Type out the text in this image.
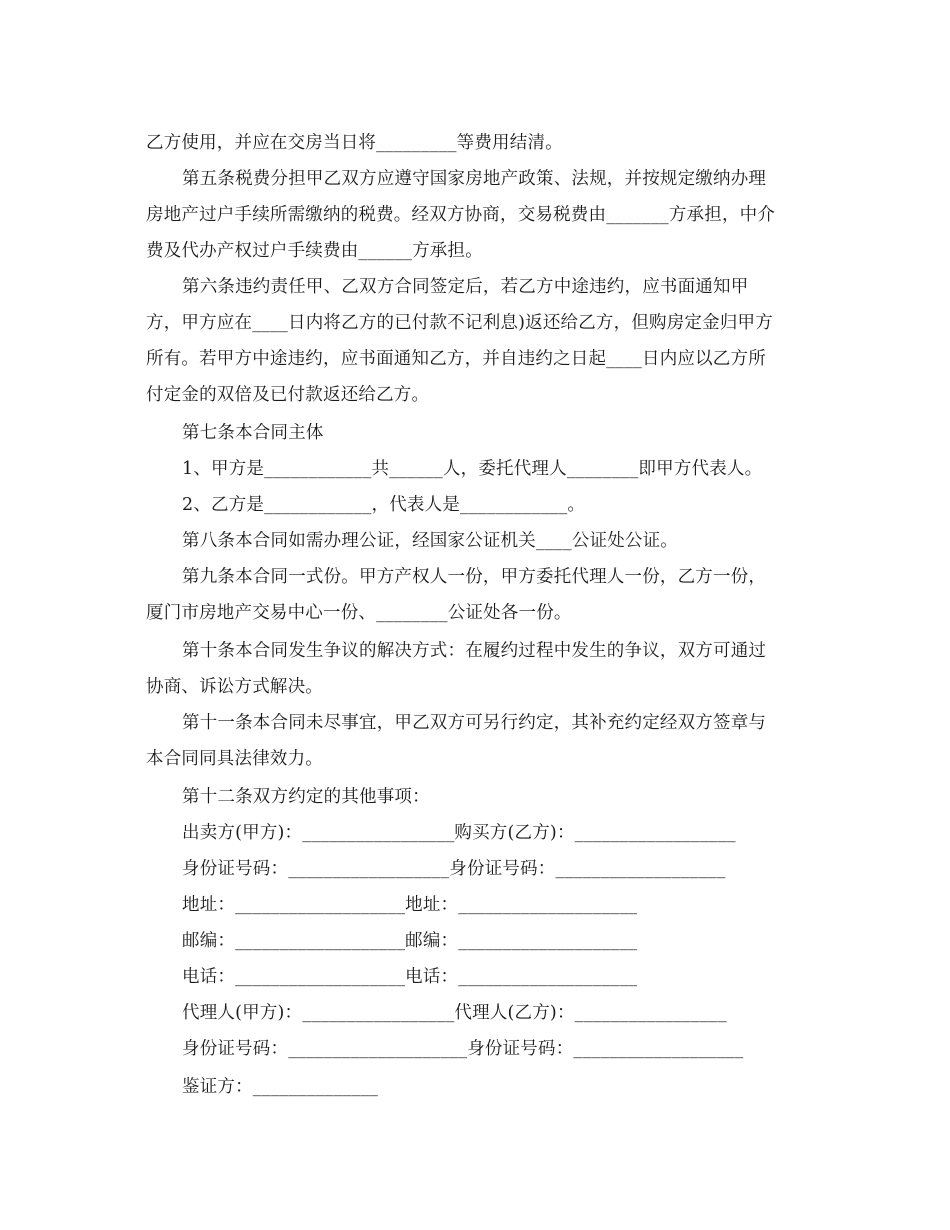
乙方使用，并应在交房当日将_________等费用结清。
第五条税费分担甲乙双方应遵守国家房地产政策、法规，并按规定缴纳办理
房地产过户手续所需缴纳的税费。经双方协商，交易税费由_______方承担，中介
费及代办产权过户手续费由______方承担。
第六条违约责任甲、乙双方合同签定后，若乙方中途违约，应书面通知甲
方，甲方应在____日内将乙方的已付款不记利息)返还给乙方，但购房定金归甲方
所有。若甲方中途违约，应书面通知乙方，并自违约之日起____日内应以乙方所
付定金的双倍及已付款返还给乙方。
第七条本合同主体
1、甲方是____________共______人，委托代理人________即甲方代表人。
2、乙方是____________，代表人是____________。
第八条本合同如需办理公证，经国家公证机关____公证处公证。
第九条本合同一式份。甲方产权人一份，甲方委托代理人一份，乙方一份，
厦门市房地产交易中心一份、________公证处各一份。
第十条本合同发生争议的解决方式：在履约过程中发生的争议，双方可通过
协商、诉讼方式解决。
第十一条本合同未尽事宜，甲乙双方可另行约定，其补充约定经双方签章与
本合同同具法律效力。
第十二条双方约定的其他事项：
出卖方(甲方)：_________________购买方(乙方)：__________________
身份证号码：__________________身份证号码：___________________
地址：___________________地址：____________________
邮编：___________________邮编：____________________
电话：___________________电话：____________________
代理人(甲方)：_________________代理人(乙方)：_________________
身份证号码：____________________身份证号码：___________________
鉴证方：______________
